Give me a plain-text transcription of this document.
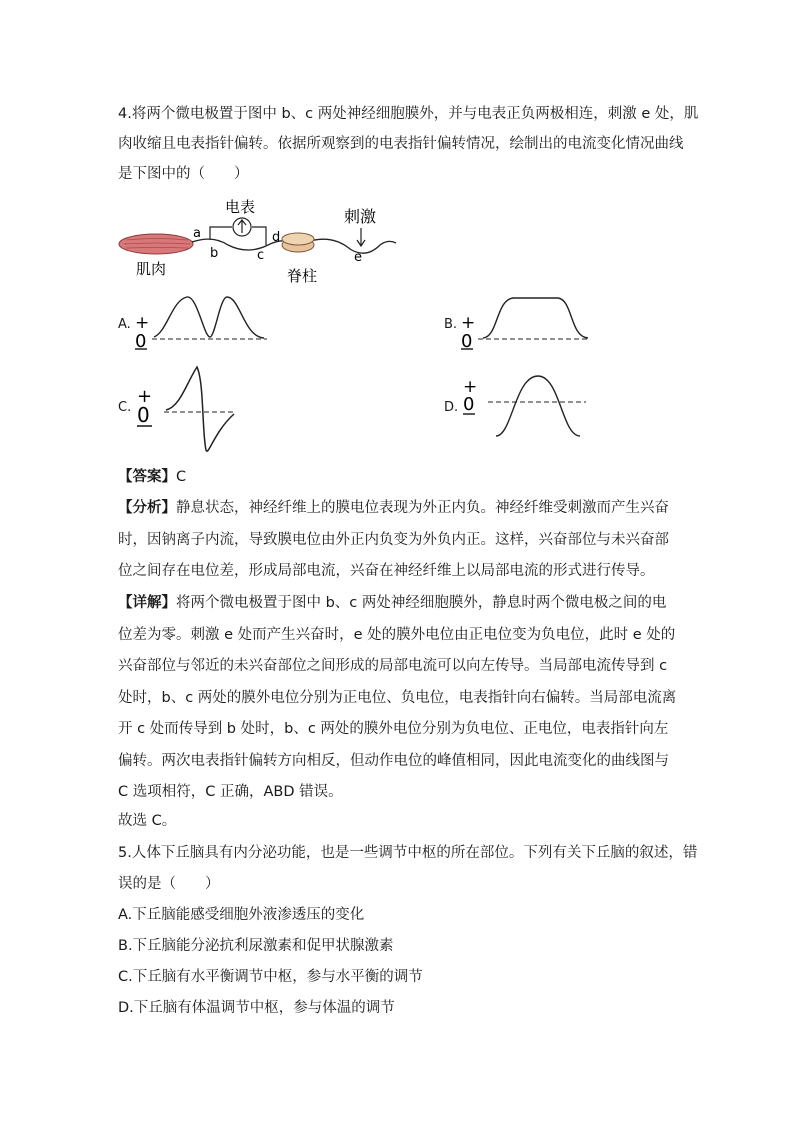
4.将两个微电极置于图中 b、c 两处神经细胞膜外，并与电表正负两极相连，刺激 e 处，肌
肉收缩且电表指针偏转。依据所观察到的电表指针偏转情况，绘制出的电流变化情况曲线
是下图中的（　　）
电表
a
b	c
d
e
刺激
肌肉	脊柱
A. +
0
B. +
0
C.
+
0	D.
+
0
【答案】C
【分析】静息状态，神经纤维上的膜电位表现为外正内负。神经纤维受刺激而产生兴奋时，因钠离子内流，导致膜电位由外正内负变为外负内正。这样，兴奋部位与未兴奋部位之间存在电位差，形成局部电流，兴奋在神经纤维上以局部电流的形式进行传导。
【详解】将两个微电极置于图中 b、c 两处神经细胞膜外，静息时两个微电极之间的电位差为零。刺激 e 处而产生兴奋时，e 处的膜外电位由正电位变为负电位，此时 e 处的兴奋部位与邻近的未兴奋部位之间形成的局部电流可以向左传导。当局部电流传导到 c 处时，b、c 两处的膜外电位分别为正电位、负电位，电表指针向右偏转。当局部电流离开 c 处而传导到 b 处时，b、c 两处的膜外电位分别为负电位、正电位，电表指针向左偏转。两次电表指针偏转方向相反，但动作电位的峰值相同，因此电流变化的曲线图与 C 选项相符，C 正确，ABD 错误。
故选 C。
5.人体下丘脑具有内分泌功能，也是一些调节中枢的所在部位。下列有关下丘脑的叙述，错
误的是（　　）
A.下丘脑能感受细胞外液渗透压的变化
B.下丘脑能分泌抗利尿激素和促甲状腺激素
C.下丘脑有水平衡调节中枢，参与水平衡的调节
D.下丘脑有体温调节中枢，参与体温的调节
